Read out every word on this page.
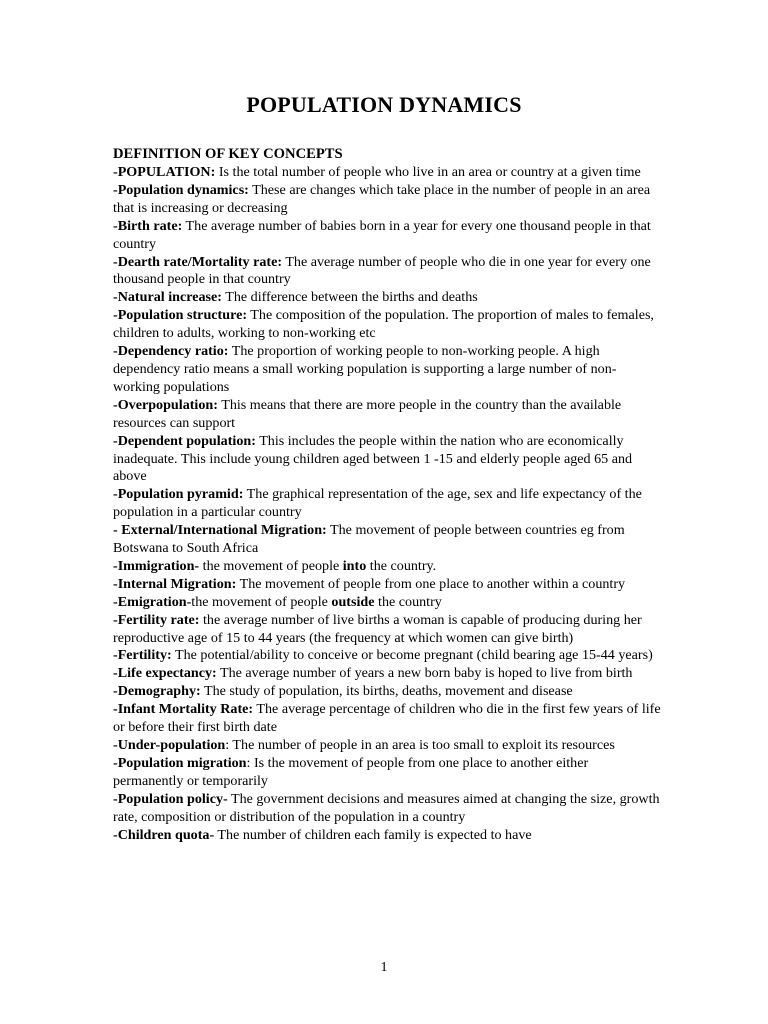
POPULATION DYNAMICS
DEFINITION OF KEY CONCEPTS
-POPULATION: Is the total number of people who live in an area or country at a given time
-Population dynamics: These are changes which take place in the number of people in an area that is increasing or decreasing
-Birth rate: The average number of babies born in a year for every one thousand people in that country
-Dearth rate/Mortality rate: The average number of people who die in one year for every one thousand people in that country
-Natural increase: The difference between the births and deaths
-Population structure: The composition of the population. The proportion of males to females, children to adults, working to non-working etc
-Dependency ratio: The proportion of working people to non-working people. A high dependency ratio means a small working population is supporting a large number of non-working populations
-Overpopulation: This means that there are more people in the country than the available resources can support
-Dependent population: This includes the people within the nation who are economically inadequate. This include young children aged between 1 -15 and elderly people aged 65 and above
-Population pyramid: The graphical representation of the age, sex and life expectancy of the population in a particular country
- External/International Migration: The movement of people between countries eg from Botswana to South Africa
-Immigration- the movement of people into the country.
-Internal Migration: The movement of people from one place to another within a country
-Emigration-the movement of people outside the country
-Fertility rate: the average number of live births a woman is capable of producing during her reproductive age of 15 to 44 years (the frequency at which women can give birth)
-Fertility: The potential/ability to conceive or become pregnant (child bearing age 15-44 years)
-Life expectancy: The average number of years a new born baby is hoped to live from birth
-Demography: The study of population, its births, deaths, movement and disease
-Infant Mortality Rate: The average percentage of children who die in the first few years of life or before their first birth date
-Under-population: The number of people in an area is too small to exploit its resources
-Population migration: Is the movement of people from one place to another either permanently or temporarily
-Population policy- The government decisions and measures aimed at changing the size, growth rate, composition or distribution of the population in a country
-Children quota- The number of children each family is expected to have
1
